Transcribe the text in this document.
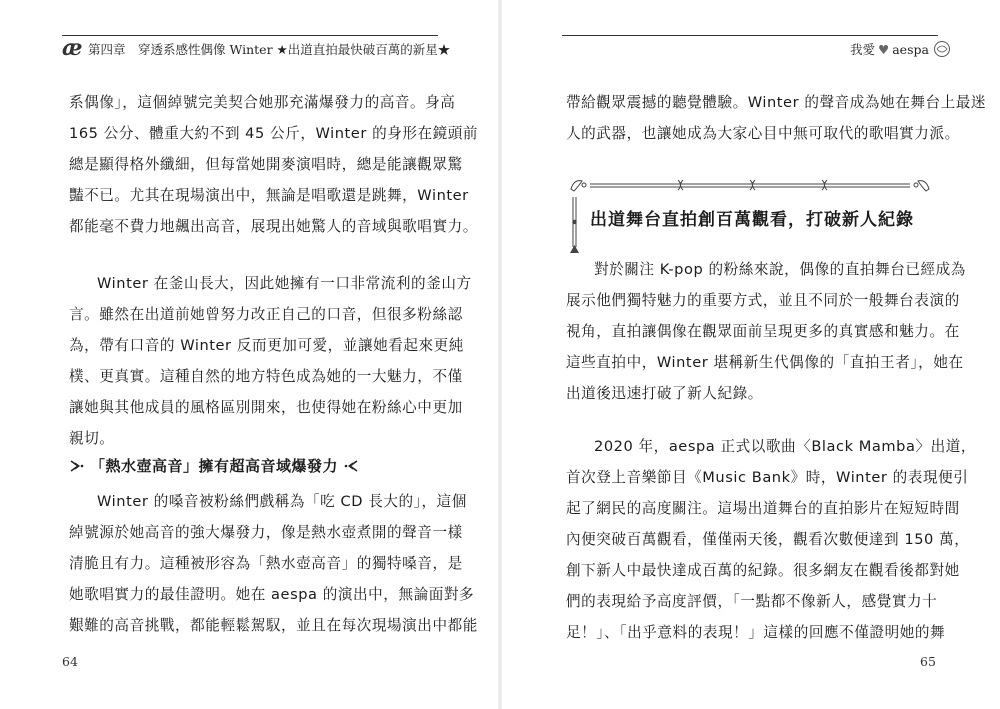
æ 第四章　穿透系感性偶像 Winter ★出道直拍最快破百萬的新星★
系偶像」，這個綽號完美契合她那充滿爆發力的高音。身高
165 公分、體重大約不到 45 公斤，Winter 的身形在鏡頭前
總是顯得格外纖細，但每當她開麥演唱時，總是能讓觀眾驚
豔不已。尤其在現場演出中，無論是唱歌還是跳舞，Winter
都能毫不費力地飆出高音，展現出她驚人的音域與歌唱實力。
Winter 在釜山長大，因此她擁有一口非常流利的釜山方
言。雖然在出道前她曾努力改正自己的口音，但很多粉絲認
為，帶有口音的 Winter 反而更加可愛，並讓她看起來更純
樸、更真實。這種自然的地方特色成為她的一大魅力，不僅
讓她與其他成員的風格區別開來，也使得她在粉絲心中更加
親切。
「熱水壺高音」擁有超高音域爆發力
Winter 的嗓音被粉絲們戲稱為「吃 CD 長大的」，這個
綽號源於她高音的強大爆發力，像是熱水壺煮開的聲音一樣
清脆且有力。這種被形容為「熱水壺高音」的獨特嗓音，是
她歌唱實力的最佳證明。她在 aespa 的演出中，無論面對多
艱難的高音挑戰，都能輕鬆駕馭，並且在每次現場演出中都能
64
我愛 ♥ aespa
帶給觀眾震撼的聽覺體驗。Winter 的聲音成為她在舞台上最迷
人的武器，也讓她成為大家心目中無可取代的歌唱實力派。
對於關注 K-pop 的粉絲來說，偶像的直拍舞台已經成為
展示他們獨特魅力的重要方式，並且不同於一般舞台表演的
視角，直拍讓偶像在觀眾面前呈現更多的真實感和魅力。在
這些直拍中，Winter 堪稱新生代偶像的「直拍王者」，她在
出道後迅速打破了新人紀錄。
2020 年，aespa 正式以歌曲〈Black Mamba〉出道，
首次登上音樂節目《Music Bank》時，Winter 的表現便引
起了網民的高度關注。這場出道舞台的直拍影片在短短時間
內便突破百萬觀看，僅僅兩天後，觀看次數便達到 150 萬，
創下新人中最快達成百萬的紀錄。很多網友在觀看後都對她
們的表現給予高度評價，「一點都不像新人，感覺實力十
足！」、「出乎意料的表現！」這樣的回應不僅證明她的舞
出道舞台直拍創百萬觀看，打破新人紀錄
65
